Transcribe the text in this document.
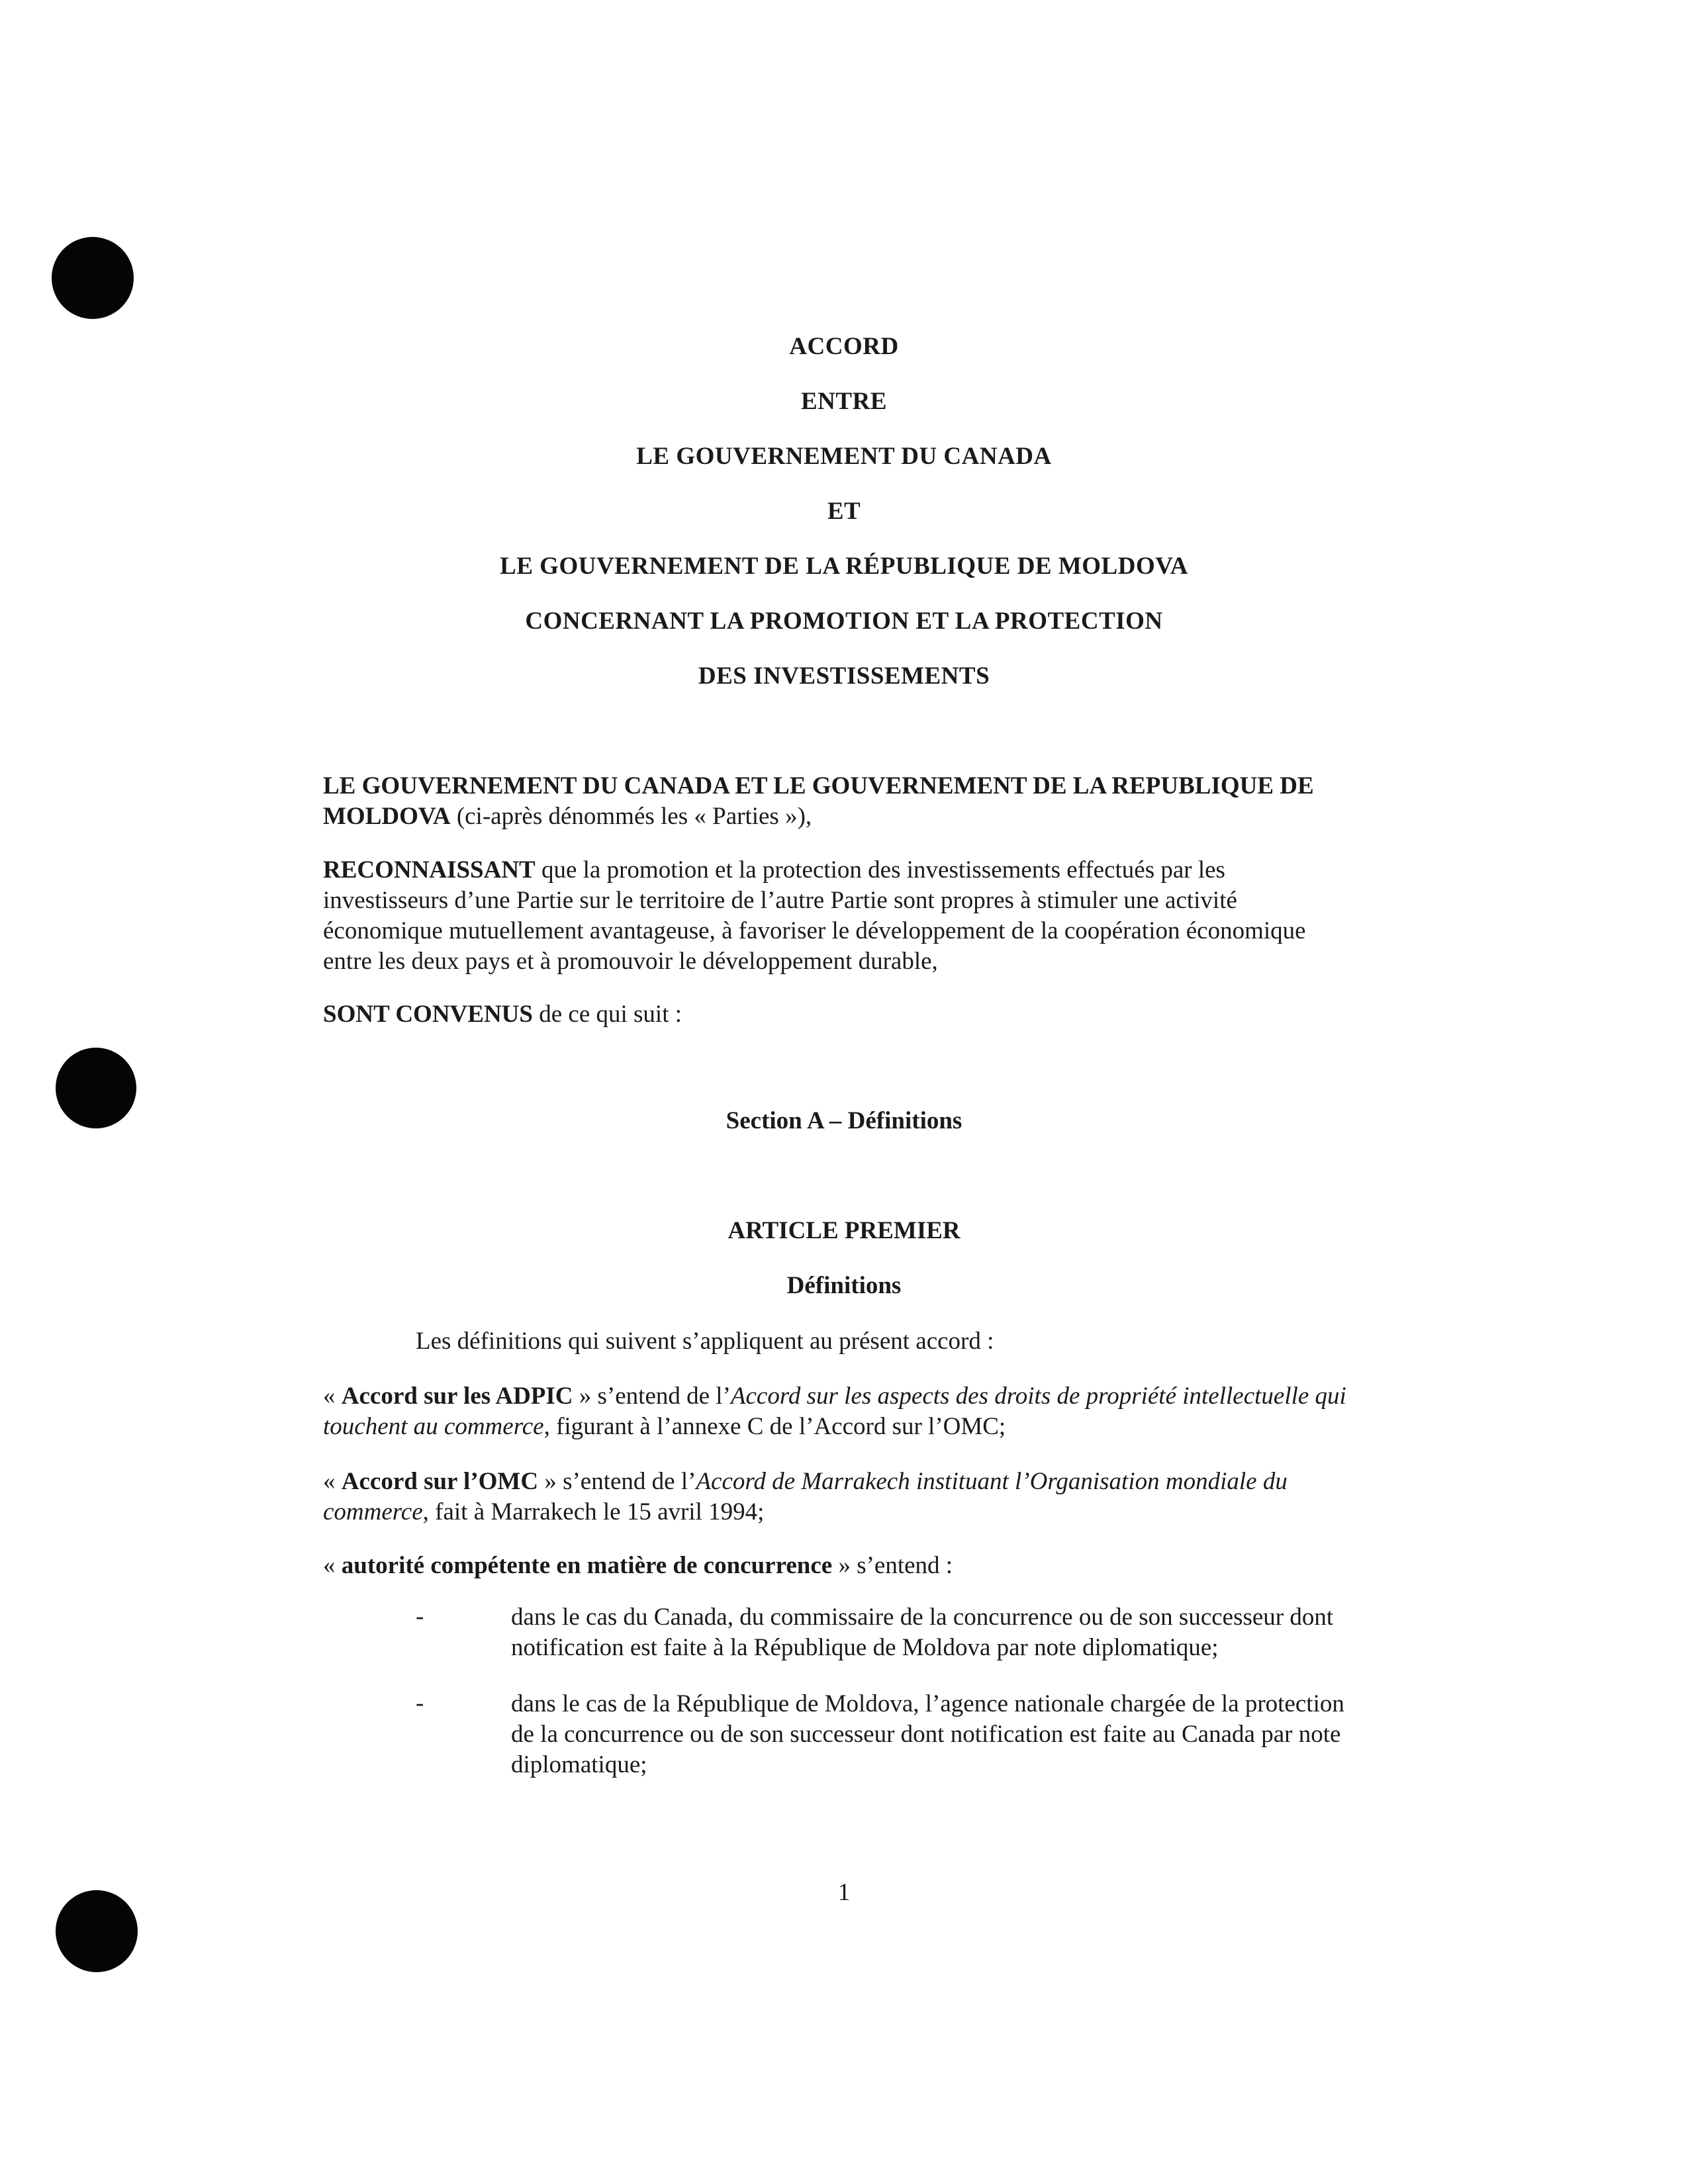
ACCORD
ENTRE
LE GOUVERNEMENT DU CANADA
ET
LE GOUVERNEMENT DE LA RÉPUBLIQUE DE MOLDOVA
CONCERNANT LA PROMOTION ET LA PROTECTION
DES INVESTISSEMENTS
LE GOUVERNEMENT DU CANADA ET LE GOUVERNEMENT DE LA REPUBLIQUE DE MOLDOVA (ci-après dénommés les « Parties »),
RECONNAISSANT que la promotion et la protection des investissements effectués par les investisseurs d’une Partie sur le territoire de l’autre Partie sont propres à stimuler une activité économique mutuellement avantageuse, à favoriser le développement de la coopération économique entre les deux pays et à promouvoir le développement durable,
SONT CONVENUS de ce qui suit :
Section A – Définitions
ARTICLE PREMIER
Définitions
Les définitions qui suivent s’appliquent au présent accord :
« Accord sur les ADPIC » s’entend de l’Accord sur les aspects des droits de propriété intellectuelle qui touchent au commerce, figurant à l’annexe C de l’Accord sur l’OMC;
« Accord sur l’OMC » s’entend de l’Accord de Marrakech instituant l’Organisation mondiale du commerce, fait à Marrakech le 15 avril 1994;
« autorité compétente en matière de concurrence » s’entend :
-	dans le cas du Canada, du commissaire de la concurrence ou de son successeur dont notification est faite à la République de Moldova par note diplomatique;
-	dans le cas de la République de Moldova, l’agence nationale chargée de la protection de la concurrence ou de son successeur dont notification est faite au Canada par note diplomatique;
1
